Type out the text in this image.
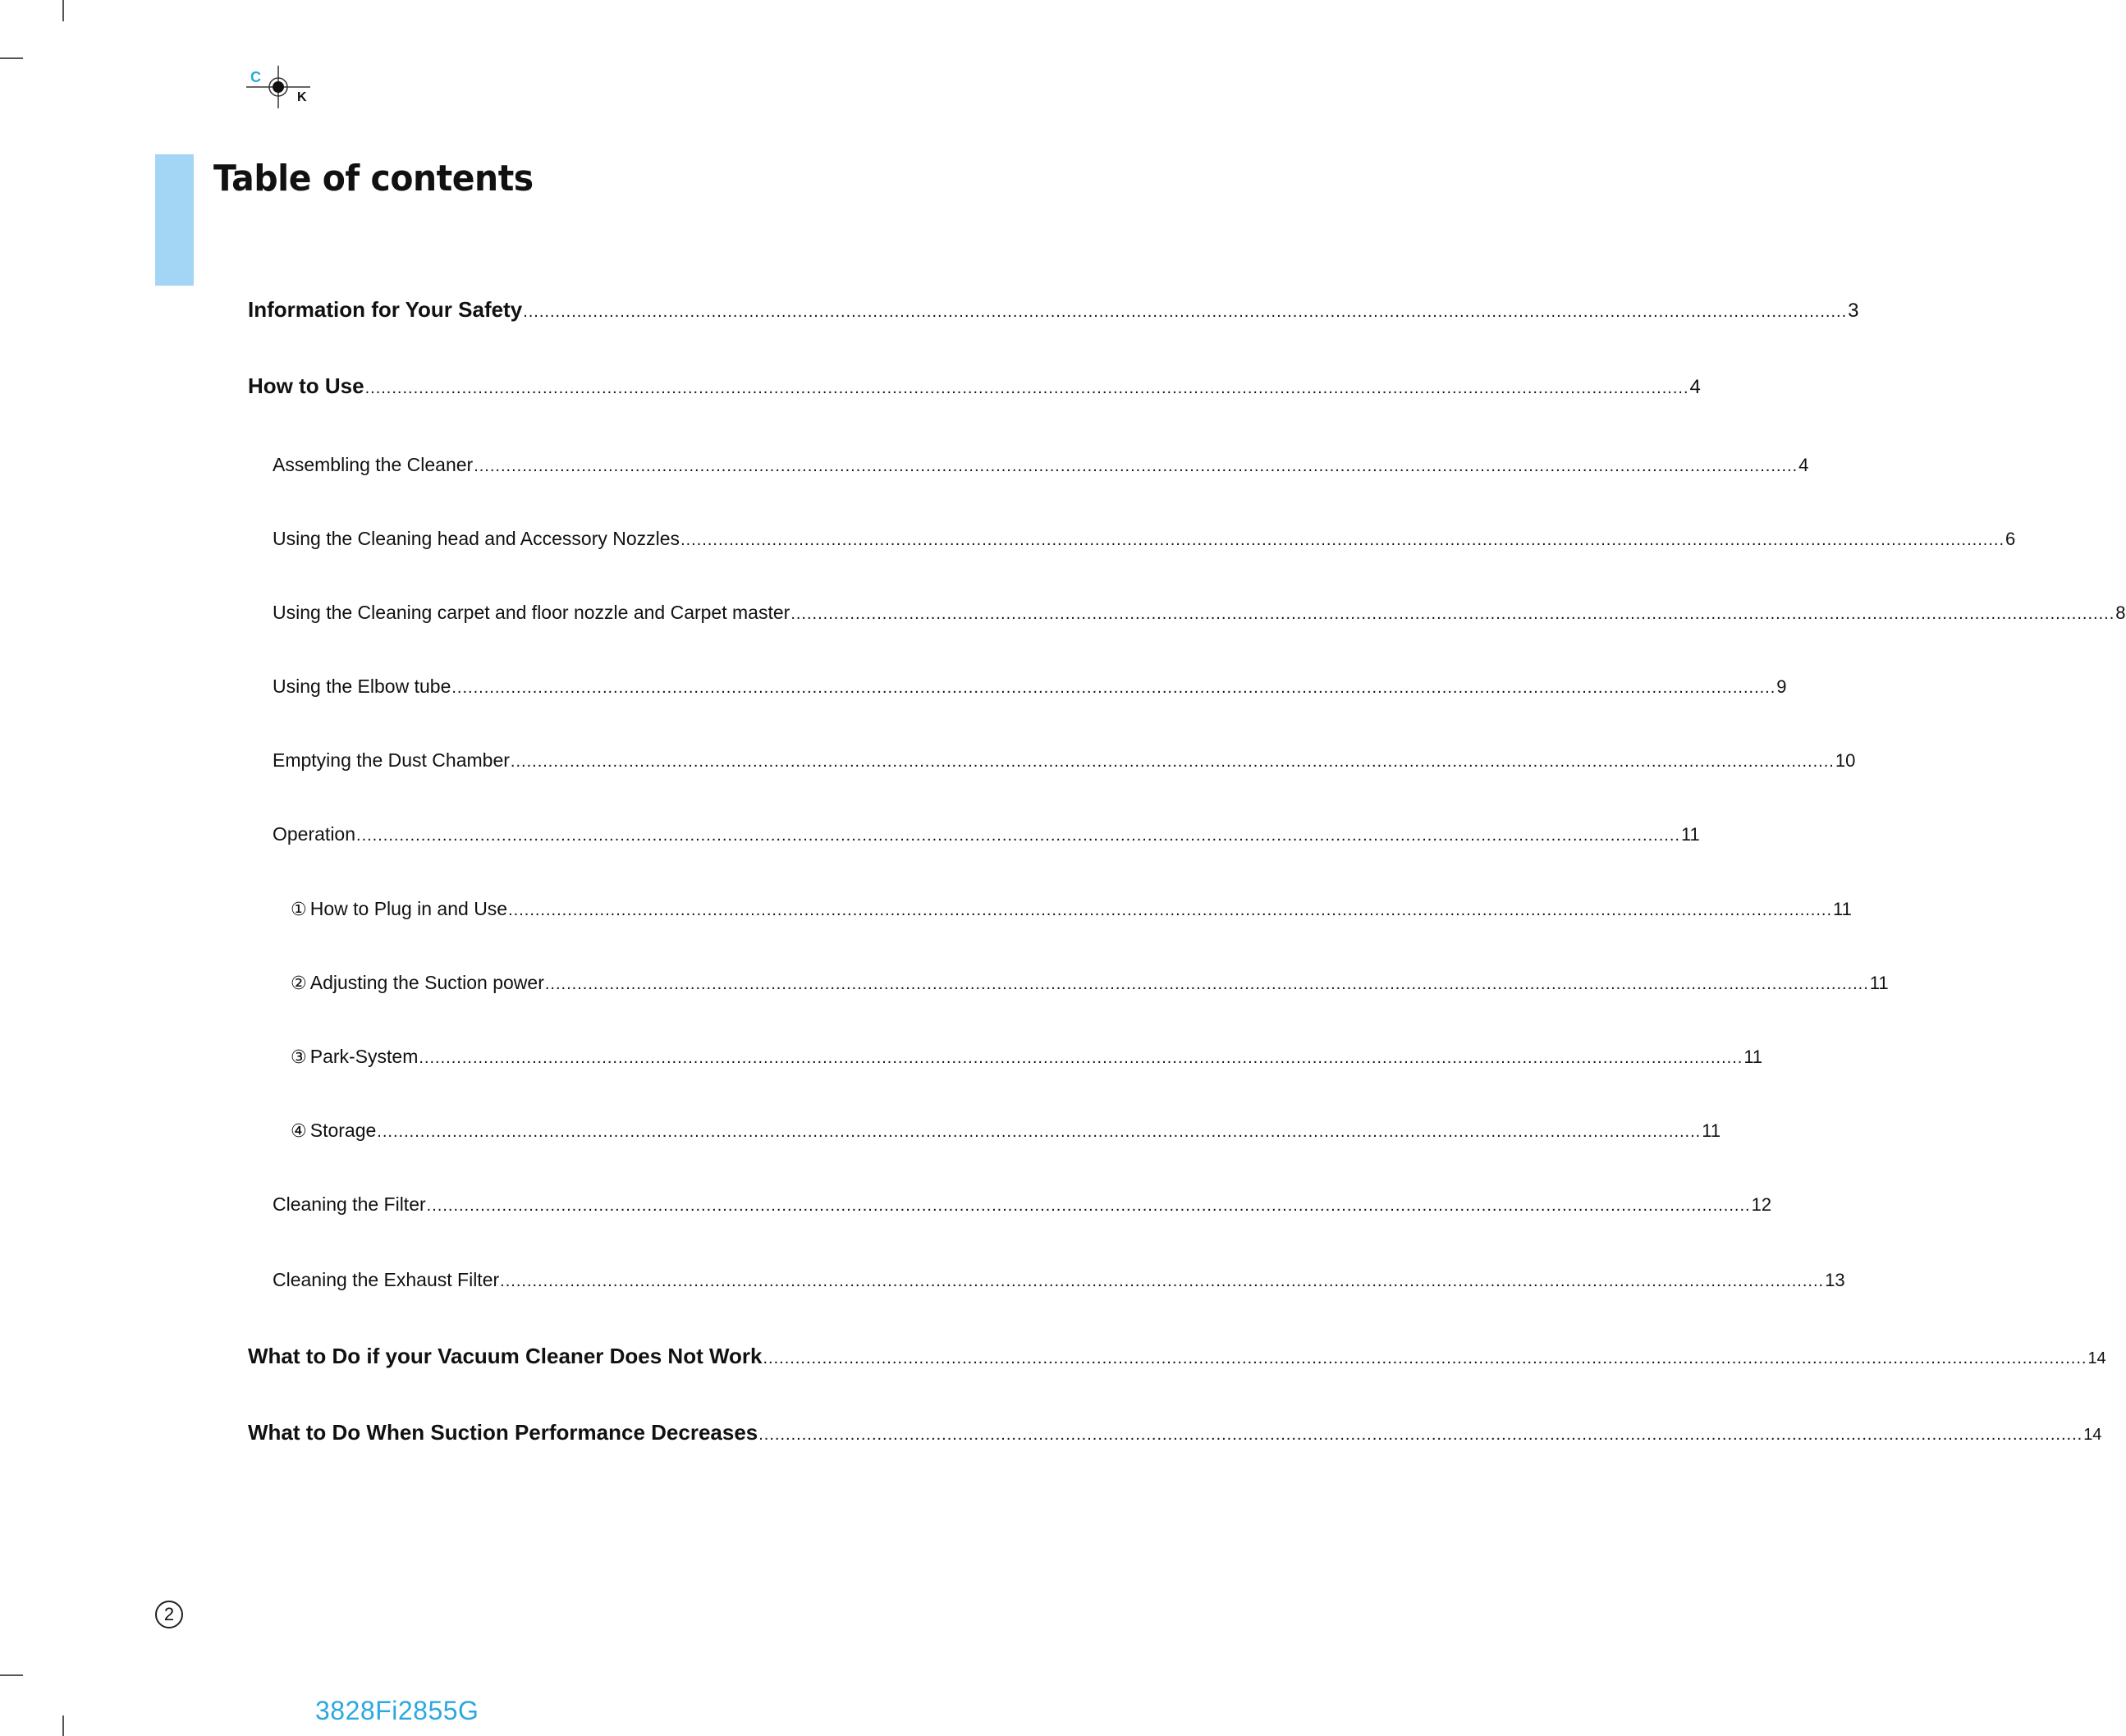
C
K
Table of contents
Information for Your Safety ...................................................................................................................................................................................................................................................... 3
How to Use ...................................................................................................................................................................................................................................................... 4
Assembling the Cleaner ...................................................................................................................................................................................................................................................... 4
Using the Cleaning head and Accessory Nozzles ...................................................................................................................................................................................................................................................... 6
Using the Cleaning carpet and floor nozzle and Carpet master ...................................................................................................................................................................................................................................................... 8
Using the Elbow tube ...................................................................................................................................................................................................................................................... 9
Emptying the Dust Chamber ...................................................................................................................................................................................................................................................... 10
Operation ...................................................................................................................................................................................................................................................... 11
① How to Plug in and Use ...................................................................................................................................................................................................................................................... 11
② Adjusting the Suction power ...................................................................................................................................................................................................................................................... 11
③ Park-System ...................................................................................................................................................................................................................................................... 11
④ Storage ...................................................................................................................................................................................................................................................... 11
Cleaning the Filter ...................................................................................................................................................................................................................................................... 12
Cleaning the Exhaust Filter ...................................................................................................................................................................................................................................................... 13
What to Do if your Vacuum Cleaner Does Not Work ...................................................................................................................................................................................................................................................... 14
What to Do When Suction Performance Decreases ...................................................................................................................................................................................................................................................... 14
2
3828Fi2855G
